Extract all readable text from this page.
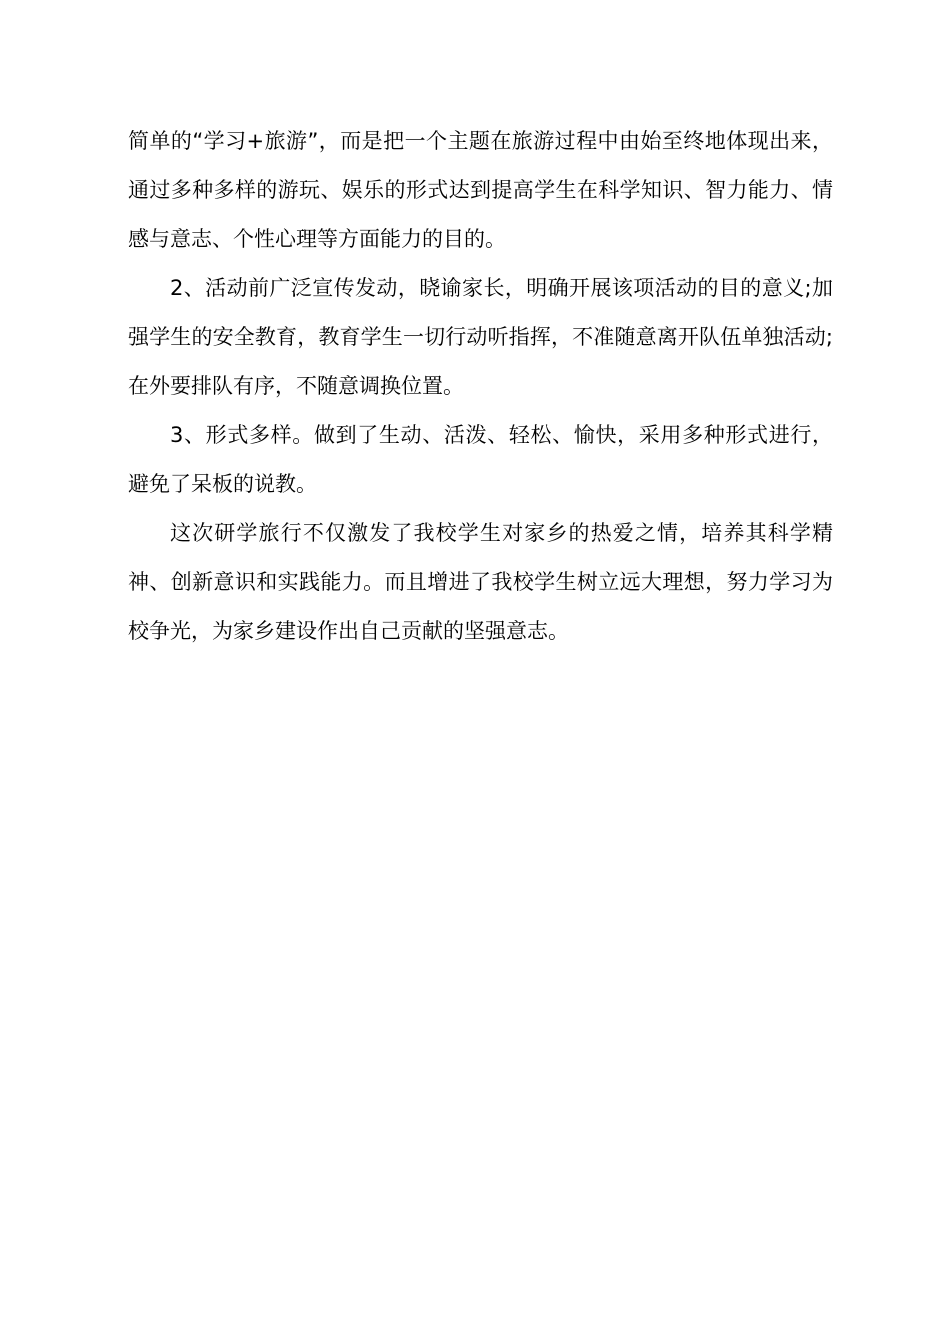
简单的“学习+旅游”，而是把一个主题在旅游过程中由始至终地体现出来，通过多种多样的游玩、娱乐的形式达到提高学生在科学知识、智力能力、情感与意志、个性心理等方面能力的目的。

2、活动前广泛宣传发动，晓谕家长，明确开展该项活动的目的意义;加强学生的安全教育，教育学生一切行动听指挥，不准随意离开队伍单独活动;在外要排队有序，不随意调换位置。

3、形式多样。做到了生动、活泼、轻松、愉快，采用多种形式进行，避免了呆板的说教。

这次研学旅行不仅激发了我校学生对家乡的热爱之情，培养其科学精神、创新意识和实践能力。而且增进了我校学生树立远大理想，努力学习为校争光，为家乡建设作出自己贡献的坚强意志。
